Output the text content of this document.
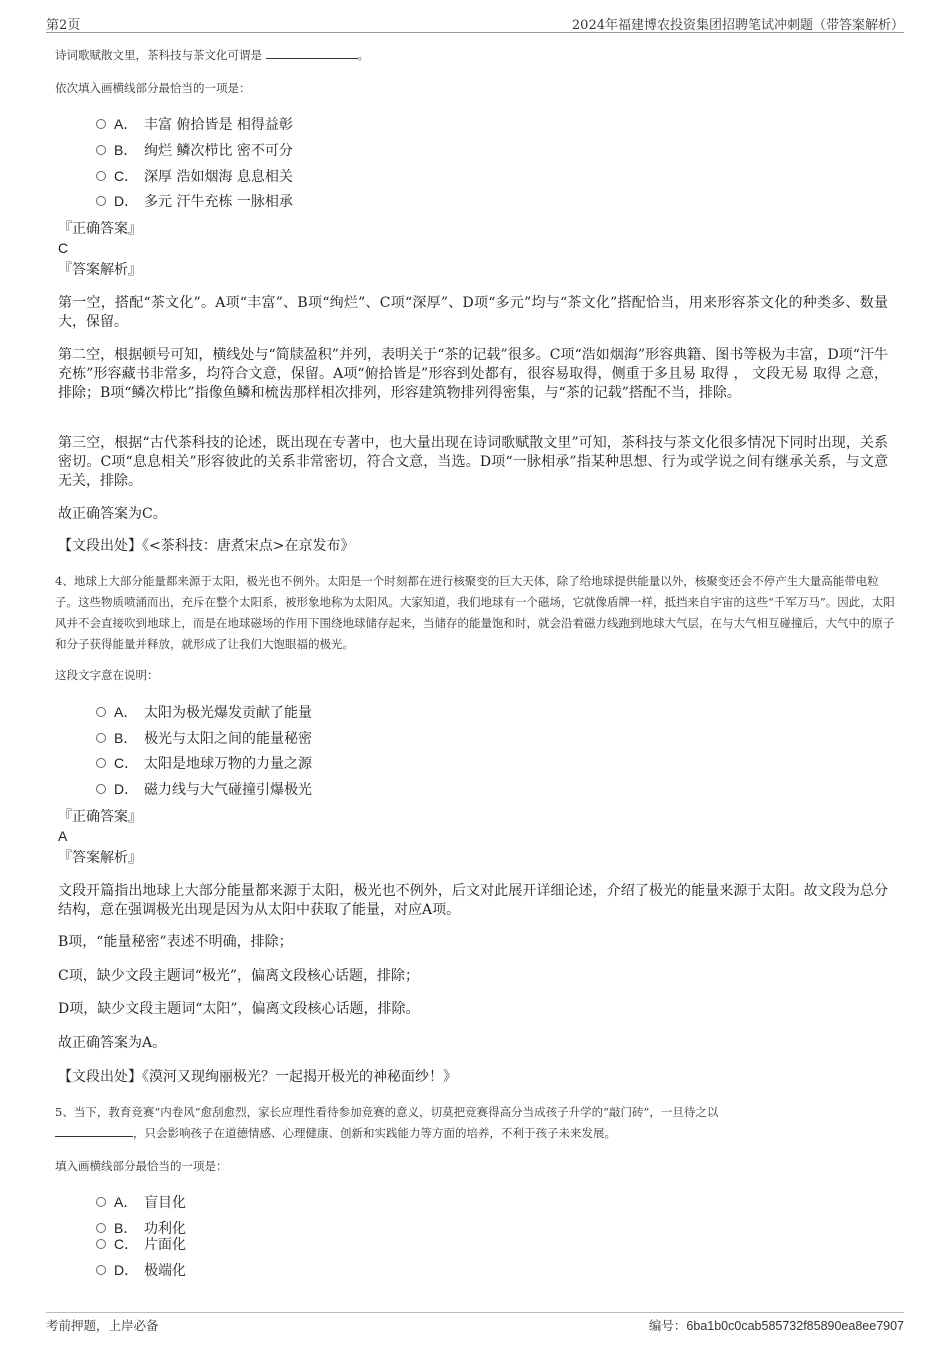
第2页	2024年福建博农投资集团招聘笔试冲刺题（带答案解析）
诗词歌赋散文里，茶科技与茶文化可谓是	。
依次填入画横线部分最恰当的一项是：
A． 丰富 俯拾皆是 相得益彰
B． 绚烂 鳞次栉比 密不可分
C． 深厚 浩如烟海 息息相关
D． 多元 汗牛充栋 一脉相承
『正确答案』
C
『答案解析』
第一空，搭配“茶文化”。A项“丰富”、B项“绚烂”、C项“深厚”、D项“多元”均与“茶文化”搭配恰当，用来形容茶文化的种类多、数量大，保留。
第二空，根据顿号可知，横线处与“简牍盈积”并列，表明关于“茶的记载”很多。C项“浩如烟海”形容典籍、图书等极为丰富，D项“汗牛充栋”形容藏书非常多，均符合文意，保留。A项“俯拾皆是”形容到处都有，很容易取得，侧重于多且易 取得 ， 文段无易 取得 之意，排除；B项“鳞次栉比”指像鱼鳞和梳齿那样相次排列，形容建筑物排列得密集，与“茶的记载”搭配不当，排除。
第三空，根据“古代茶科技的论述，既出现在专著中，也大量出现在诗词歌赋散文里”可知，茶科技与茶文化很多情况下同时出现，关系密切。C项“息息相关”形容彼此的关系非常密切，符合文意，当选。D项“一脉相承”指某种思想、行为或学说之间有继承关系，与文意无关，排除。
故正确答案为C。
【文段出处】《<茶科技：唐煮宋点>在京发布》
4、地球上大部分能量都来源于太阳，极光也不例外。太阳是一个时刻都在进行核聚变的巨大天体，除了给地球提供能量以外，核聚变还会不停产生大量高能带电粒子。这些物质喷涌而出，充斥在整个太阳系，被形象地称为太阳风。大家知道，我们地球有一个磁场，它就像盾牌一样，抵挡来自宇宙的这些“千军万马”。因此，太阳风并不会直接吹到地球上，而是在地球磁场的作用下围绕地球储存起来，当储存的能量饱和时，就会沿着磁力线跑到地球大气层，在与大气相互碰撞后，大气中的原子和分子获得能量并释放，就形成了让我们大饱眼福的极光。
这段文字意在说明：
A． 太阳为极光爆发贡献了能量
B． 极光与太阳之间的能量秘密
C． 太阳是地球万物的力量之源
D． 磁力线与大气碰撞引爆极光
『正确答案』
A
『答案解析』
文段开篇指出地球上大部分能量都来源于太阳，极光也不例外，后文对此展开详细论述，介绍了极光的能量来源于太阳。故文段为总分结构，意在强调极光出现是因为从太阳中获取了能量，对应A项。
B项，“能量秘密”表述不明确，排除；
C项，缺少文段主题词“极光”，偏离文段核心话题，排除；
D项，缺少文段主题词“太阳”，偏离文段核心话题，排除。
故正确答案为A。
【文段出处】《漠河又现绚丽极光？一起揭开极光的神秘面纱！》
5、当下，教育竞赛“内卷风”愈刮愈烈，家长应理性看待参加竞赛的意义，切莫把竞赛得高分当成孩子升学的“敲门砖”，一旦待之以
，只会影响孩子在道德情感、心理健康、创新和实践能力等方面的培养，不利于孩子未来发展。
填入画横线部分最恰当的一项是：
A． 盲目化
B． 功利化
C． 片面化
D． 极端化
考前押题，上岸必备	编号：6ba1b0c0cab585732f85890ea8ee7907
